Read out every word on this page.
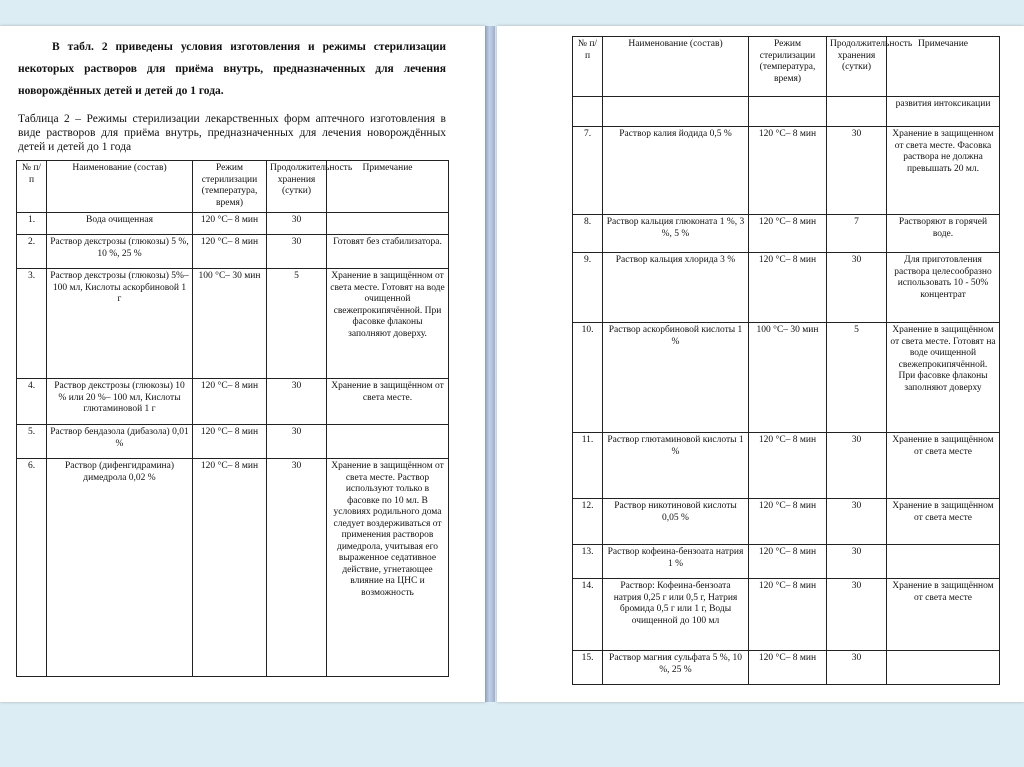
В табл. 2 приведены условия изготовления и режимы стерилизации некоторых растворов для приёма внутрь, предназначенных для лечения новорождённых детей и детей до 1 года.

Таблица 2 – Режимы стерилизации лекарственных форм аптечного изготовления в виде растворов для приёма внутрь, предназначенных для лечения новорождённых детей и детей до 1 года
№ п/п	Наименование (состав)	Режим стерилизации (температура, время)	Продолжительность хранения (сутки)	Примечание
1.	Вода очищенная	120 °C– 8 мин	30	
2.	Раствор декстрозы (глюкозы) 5 %, 10 %, 25 %	120 °C– 8 мин	30	Готовят без стабилизатора.
3.	Раствор декстрозы (глюкозы) 5%– 100 мл, Кислоты аскорбиновой 1 г	100 °C– 30 мин	5	Хранение в защищённом от света месте. Готовят на воде очищенной свежепрокипячённой. При фасовке флаконы заполняют доверху.
4.	Раствор декстрозы (глюкозы) 10 % или 20 %– 100 мл, Кислоты глютаминовой 1 г	120 °C– 8 мин	30	Хранение в защищённом от света месте.
5.	Раствор бендазола (дибазола) 0,01 %	120 °C– 8 мин	30	
6.	Раствор (дифенгидрамина) димедрола 0,02 %	120 °C– 8 мин	30	Хранение в защищённом от света месте. Раствор используют только в фасовке по 10 мл. В условиях родильного дома следует воздерживаться от применения растворов димедрола, учитывая его выраженное седативное действие, угнетающее влияние на ЦНС и возможность
№ п/п	Наименование (состав)	Режим стерилизации (температура, время)	Продолжительность хранения (сутки)	Примечание
				развития интоксикации
7.	Раствор калия йодида 0,5 %	120 °C– 8 мин	30	Хранение в защищенном от света месте. Фасовка раствора не должна превышать 20 мл.
8.	Раствор кальция глюконата 1 %, 3 %, 5 %	120 °C– 8 мин	7	Растворяют в горячей воде.
9.	Раствор кальция хлорида 3 %	120 °C– 8 мин	30	Для приготовления раствора целесообразно использовать 10 - 50% концентрат
10.	Раствор аскорбиновой кислоты 1 %	100 °C– 30 мин	5	Хранение в защищённом от света месте. Готовят на воде очищенной свежепрокипячённой. При фасовке флаконы заполняют доверху
11.	Раствор глютаминовой кислоты 1 %	120 °C– 8 мин	30	Хранение в защищённом от света месте
12.	Раствор никотиновой кислоты 0,05 %	120 °C– 8 мин	30	Хранение в защищённом от света месте
13.	Раствор кофеина-бензоата натрия 1 %	120 °C– 8 мин	30	
14.	Раствор: Кофеина-бензоата натрия 0,25 г или 0,5 г, Натрия бромида 0,5 г или 1 г, Воды очищенной до 100 мл	120 °C– 8 мин	30	Хранение в защищённом от света месте
15.	Раствор магния сульфата 5 %, 10 %, 25 %	120 °C– 8 мин	30	
